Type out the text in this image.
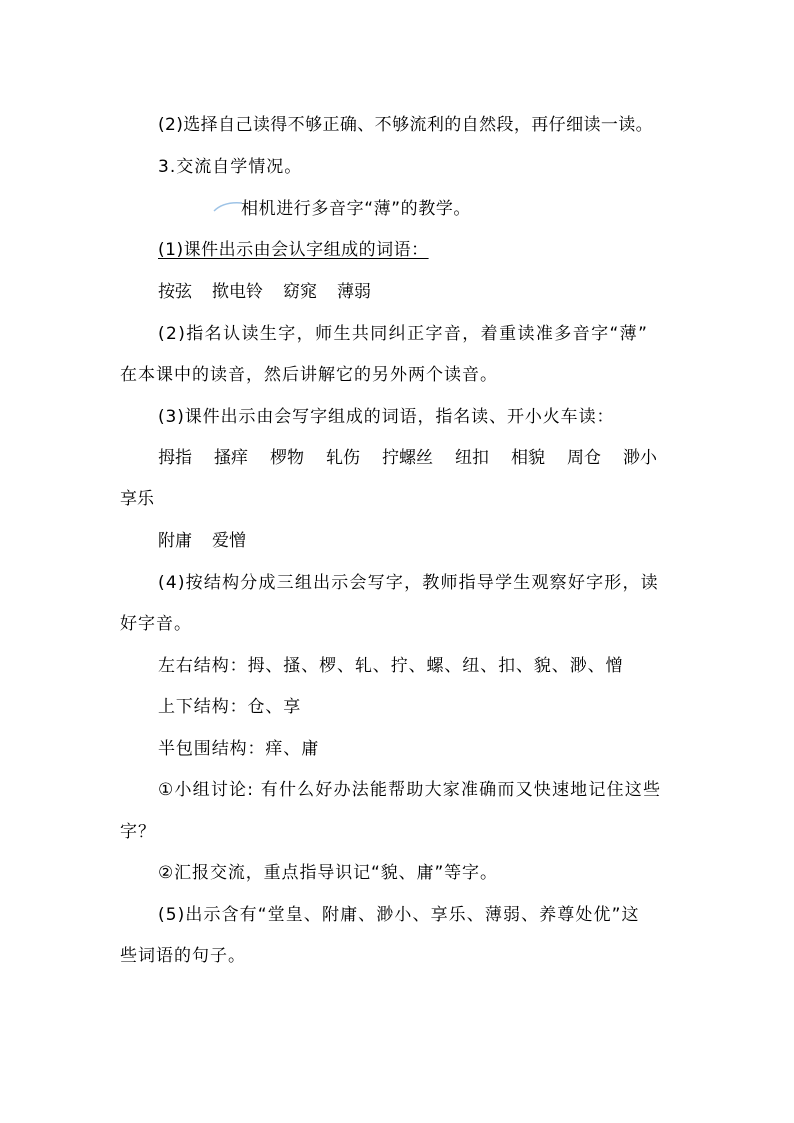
(2)选择自己读得不够正确、不够流利的自然段，再仔细读一读。
3.交流自学情况。
相机进行多音字“薄”的教学。
(1)课件出示由会认字组成的词语：
按弦 揿电铃 窈窕 薄弱
(2)指名认读生字，师生共同纠正字音，着重读准多音字“薄”
在本课中的读音，然后讲解它的另外两个读音。
(3)课件出示由会写字组成的词语，指名读、开小火车读：
拇指 搔痒 椤物 轧伤 拧螺丝 纽扣 相貌 周仓 渺小
享乐
附庸 爱憎
(4)按结构分成三组出示会写字，教师指导学生观察好字形，读
好字音。
左右结构：拇、搔、椤、轧、拧、螺、纽、扣、貌、渺、憎
上下结构：仓、享
半包围结构：痒、庸
①小组讨论: 有什么好办法能帮助大家准确而又快速地记住这些
字？
②汇报交流，重点指导识记“貌、庸”等字。
(5)出示含有“堂皇、附庸、渺小、享乐、薄弱、养尊处优”这
些词语的句子。
